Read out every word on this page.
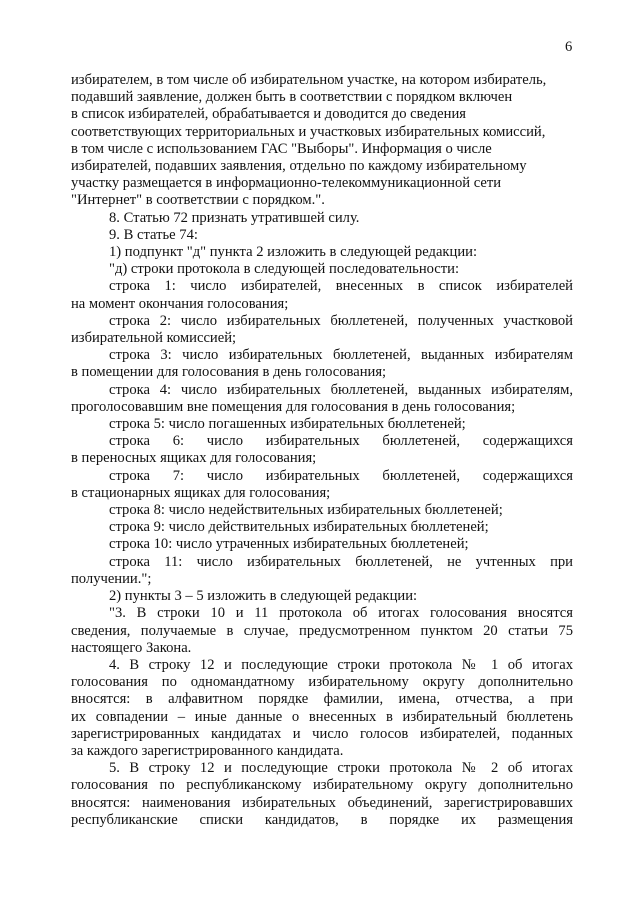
6
избирателем, в том числе об избирательном участке, на котором избиратель,
подавший заявление, должен быть в соответствии с порядком включен
в список избирателей, обрабатывается и доводится до сведения
соответствующих территориальных и участковых избирательных комиссий,
в том числе с использованием ГАС "Выборы". Информация о числе
избирателей, подавших заявления, отдельно по каждому избирательному
участку размещается в информационно-телекоммуникационной сети
"Интернет" в соответствии с порядком.".
8. Статью 72 признать утратившей силу.
9. В статье 74:
1) подпункт "д" пункта 2 изложить в следующей редакции:
"д) строки протокола в следующей последовательности:
строка 1: число избирателей, внесенных в список избирателей
на момент окончания голосования;
строка 2: число избирательных бюллетеней, полученных участковой
избирательной комиссией;
строка 3: число избирательных бюллетеней, выданных избирателям
в помещении для голосования в день голосования;
строка 4: число избирательных бюллетеней, выданных избирателям,
проголосовавшим вне помещения для голосования в день голосования;
строка 5: число погашенных избирательных бюллетеней;
строка 6: число избирательных бюллетеней, содержащихся
в переносных ящиках для голосования;
строка 7: число избирательных бюллетеней, содержащихся
в стационарных ящиках для голосования;
строка 8: число недействительных избирательных бюллетеней;
строка 9: число действительных избирательных бюллетеней;
строка 10: число утраченных избирательных бюллетеней;
строка 11: число избирательных бюллетеней, не учтенных при
получении.";
2) пункты 3 – 5 изложить в следующей редакции:
"3. В строки 10 и 11 протокола об итогах голосования вносятся
сведения, получаемые в случае, предусмотренном пунктом 20 статьи 75
настоящего Закона.
4. В строку 12 и последующие строки протокола № 1 об итогах
голосования по одномандатному избирательному округу дополнительно
вносятся: в алфавитном порядке фамилии, имена, отчества, а при
их совпадении – иные данные о внесенных в избирательный бюллетень
зарегистрированных кандидатах и число голосов избирателей, поданных
за каждого зарегистрированного кандидата.
5. В строку 12 и последующие строки протокола № 2 об итогах
голосования по республиканскому избирательному округу дополнительно
вносятся: наименования избирательных объединений, зарегистрировавших
республиканские списки кандидатов, в порядке их размещения
